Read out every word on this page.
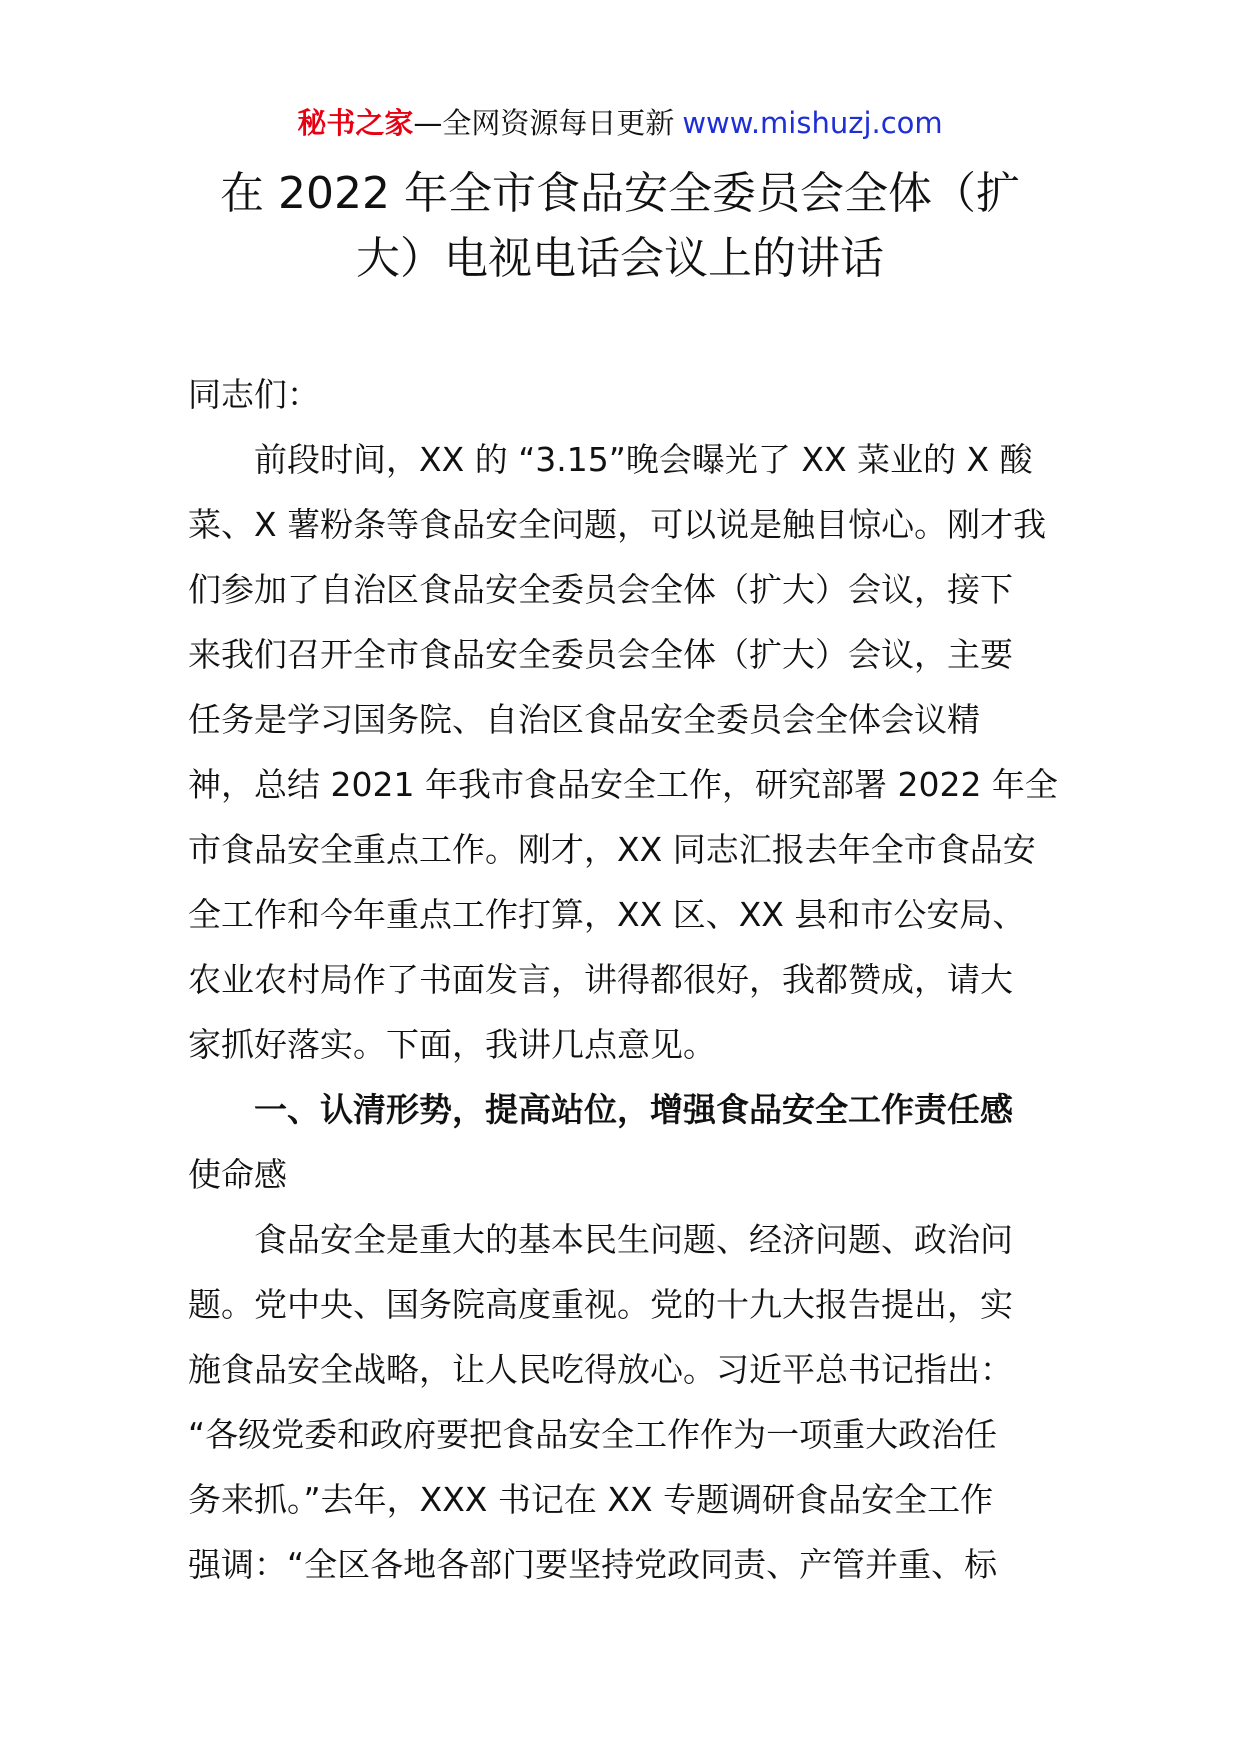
秘书之家—全网资源每日更新 www.mishuzj.com
在 2022 年全市食品安全委员会全体（扩
大）电视电话会议上的讲话
同志们：
前段时间，XX 的 “3.15”晚会曝光了 XX 菜业的 X 酸
菜、X 薯粉条等食品安全问题，可以说是触目惊心。刚才我
们参加了自治区食品安全委员会全体（扩大）会议，接下
来我们召开全市食品安全委员会全体（扩大）会议，主要
任务是学习国务院、自治区食品安全委员会全体会议精
神，总结 2021 年我市食品安全工作，研究部署 2022 年全
市食品安全重点工作。刚才，XX 同志汇报去年全市食品安
全工作和今年重点工作打算，XX 区、XX 县和市公安局、
农业农村局作了书面发言，讲得都很好，我都赞成，请大
家抓好落实。下面，我讲几点意见。
一、认清形势，提高站位，增强食品安全工作责任感
使命感
食品安全是重大的基本民生问题、经济问题、政治问
题。党中央、国务院高度重视。党的十九大报告提出，实
施食品安全战略，让人民吃得放心。习近平总书记指出：
“各级党委和政府要把食品安全工作作为一项重大政治任
务来抓。”去年，XXX 书记在 XX 专题调研食品安全工作
强调：“全区各地各部门要坚持党政同责、产管并重、标
